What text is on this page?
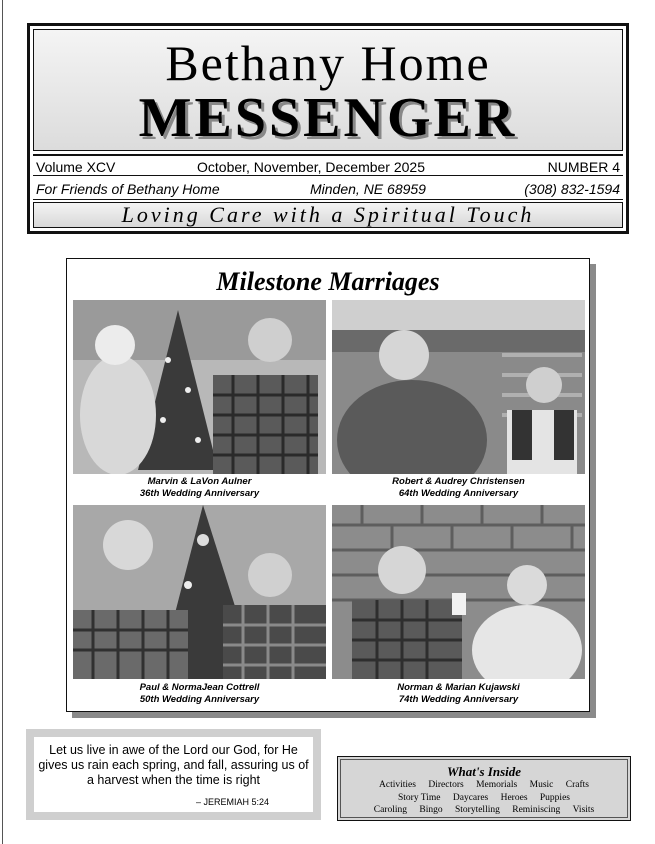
Bethany Home
MESSENGER
Volume XCV	October, November, December 2025	NUMBER 4
For Friends of Bethany Home	Minden, NE 68959	(308) 832-1594
Loving Care with a Spiritual Touch
Milestone Marriages
Marvin & LaVon Aulner
36th Wedding Anniversary
Robert & Audrey Christensen
64th Wedding Anniversary
Paul & NormaJean Cottrell
50th Wedding Anniversary
Norman & Marian Kujawski
74th Wedding Anniversary
Let us live in awe of the Lord our God, for He gives us rain each spring, and fall, assuring us of a harvest when the time is right
– JEREMIAH 5:24
What's Inside
Activities Directors Memorials Music Crafts
Story Time Daycares Heroes Puppies
Caroling Bingo Storytelling Reminiscing Visits
